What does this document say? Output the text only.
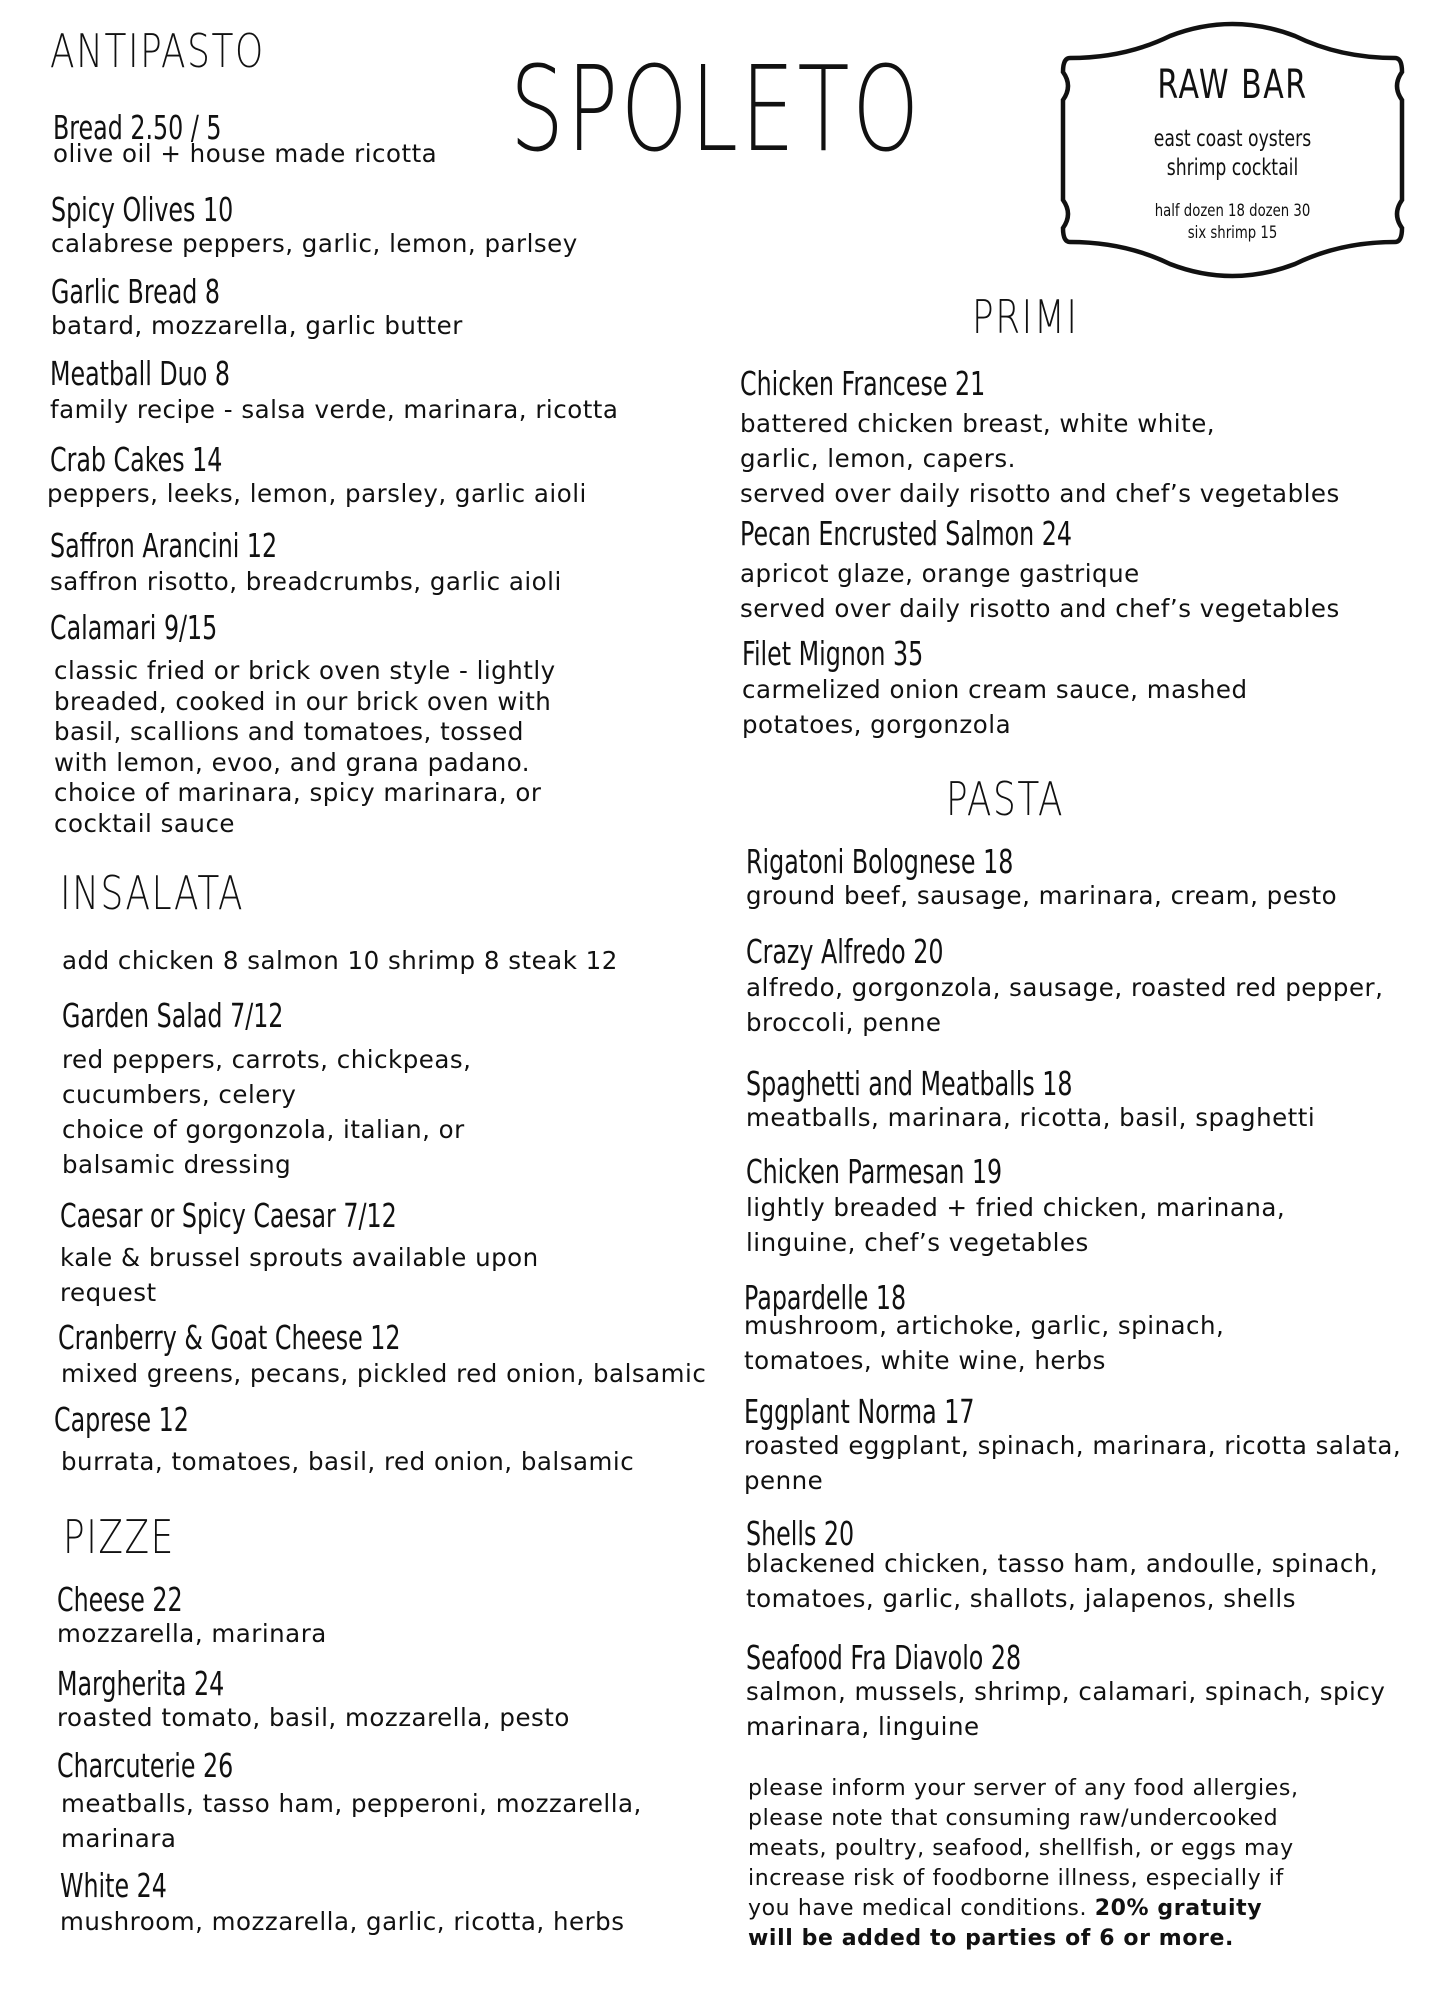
SPOLETO	RAW BAR
east coast oysters
shrimp cocktail
half dozen 18 dozen 30
six shrimp 15
ANTIPASTO
Bread 2.50 / 5
olive oil + house made ricotta
Spicy Olives 10
calabrese peppers, garlic, lemon, parlsey
Garlic Bread 8
batard, mozzarella, garlic butter
Meatball Duo 8
family recipe - salsa verde, marinara, ricotta
Crab Cakes 14
peppers, leeks, lemon, parsley, garlic aioli
Saffron Arancini 12
saffron risotto, breadcrumbs, garlic aioli
Calamari 9/15
classic fried or brick oven style - lightly
breaded, cooked in our brick oven with
basil, scallions and tomatoes, tossed
with lemon, evoo, and grana padano.
choice of marinara, spicy marinara, or
cocktail sauce
INSALATA
add chicken 8 salmon 10 shrimp 8 steak 12
Garden Salad 7/12
red peppers, carrots, chickpeas,
cucumbers, celery
choice of gorgonzola, italian, or
balsamic dressing
Caesar or Spicy Caesar 7/12
kale & brussel sprouts available upon
request
Cranberry & Goat Cheese 12
mixed greens, pecans, pickled red onion, balsamic
Caprese 12
burrata, tomatoes, basil, red onion, balsamic
PIZZE
Cheese 22
mozzarella, marinara
Margherita 24
roasted tomato, basil, mozzarella, pesto
Charcuterie 26
meatballs, tasso ham, pepperoni, mozzarella,
marinara
White 24
mushroom, mozzarella, garlic, ricotta, herbs
PRIMI
Chicken Francese 21
battered chicken breast, white white,
garlic, lemon, capers.
served over daily risotto and chef’s vegetables
Pecan Encrusted Salmon 24
apricot glaze, orange gastrique
served over daily risotto and chef’s vegetables
Filet Mignon 35
carmelized onion cream sauce, mashed
potatoes, gorgonzola
PASTA
Rigatoni Bolognese 18
ground beef, sausage, marinara, cream, pesto
Crazy Alfredo 20
alfredo, gorgonzola, sausage, roasted red pepper,
broccoli, penne
Spaghetti and Meatballs 18
meatballs, marinara, ricotta, basil, spaghetti
Chicken Parmesan 19
lightly breaded + fried chicken, marinana,
linguine, chef’s vegetables
Papardelle 18
mushroom, artichoke, garlic, spinach,
tomatoes, white wine, herbs
Eggplant Norma 17
roasted eggplant, spinach, marinara, ricotta salata,
penne
Shells 20
blackened chicken, tasso ham, andoulle, spinach,
tomatoes, garlic, shallots, jalapenos, shells
Seafood Fra Diavolo 28
salmon, mussels, shrimp, calamari, spinach, spicy
marinara, linguine
please inform your server of any food allergies,
please note that consuming raw/undercooked
meats, poultry, seafood, shellfish, or eggs may
increase risk of foodborne illness, especially if
you have medical conditions. 20% gratuity
will be added to parties of 6 or more.
